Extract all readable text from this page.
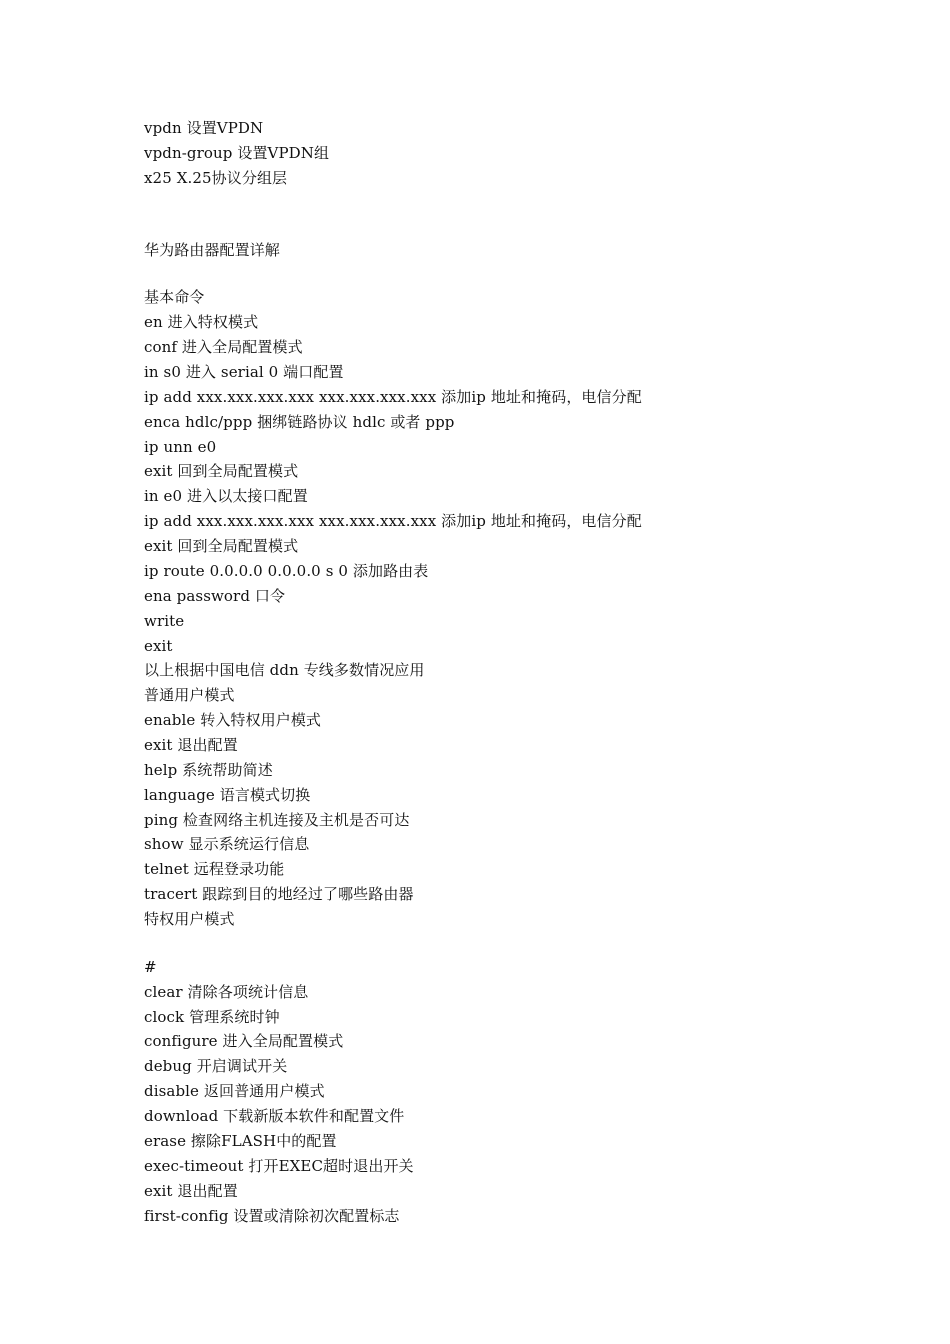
vpdn 设置VPDN
vpdn-group 设置VPDN组
x25 X.25协议分组层
华为路由器配置详解
基本命令
en 进入特权模式
conf 进入全局配置模式
in s0 进入 serial 0 端口配置
ip add xxx.xxx.xxx.xxx xxx.xxx.xxx.xxx 添加ip 地址和掩码，电信分配
enca hdlc/ppp 捆绑链路协议 hdlc 或者 ppp
ip unn e0
exit 回到全局配置模式
in e0 进入以太接口配置
ip add xxx.xxx.xxx.xxx xxx.xxx.xxx.xxx 添加ip 地址和掩码，电信分配
exit 回到全局配置模式
ip route 0.0.0.0 0.0.0.0 s 0 添加路由表
ena password 口令
write
exit
以上根据中国电信 ddn 专线多数情况应用
普通用户模式
enable 转入特权用户模式
exit 退出配置
help 系统帮助简述
language 语言模式切换
ping 检查网络主机连接及主机是否可达
show 显示系统运行信息
telnet 远程登录功能
tracert 跟踪到目的地经过了哪些路由器
特权用户模式
#
clear 清除各项统计信息
clock 管理系统时钟
configure 进入全局配置模式
debug 开启调试开关
disable 返回普通用户模式
download 下载新版本软件和配置文件
erase 擦除FLASH中的配置
exec-timeout 打开EXEC超时退出开关
exit 退出配置
first-config 设置或清除初次配置标志
